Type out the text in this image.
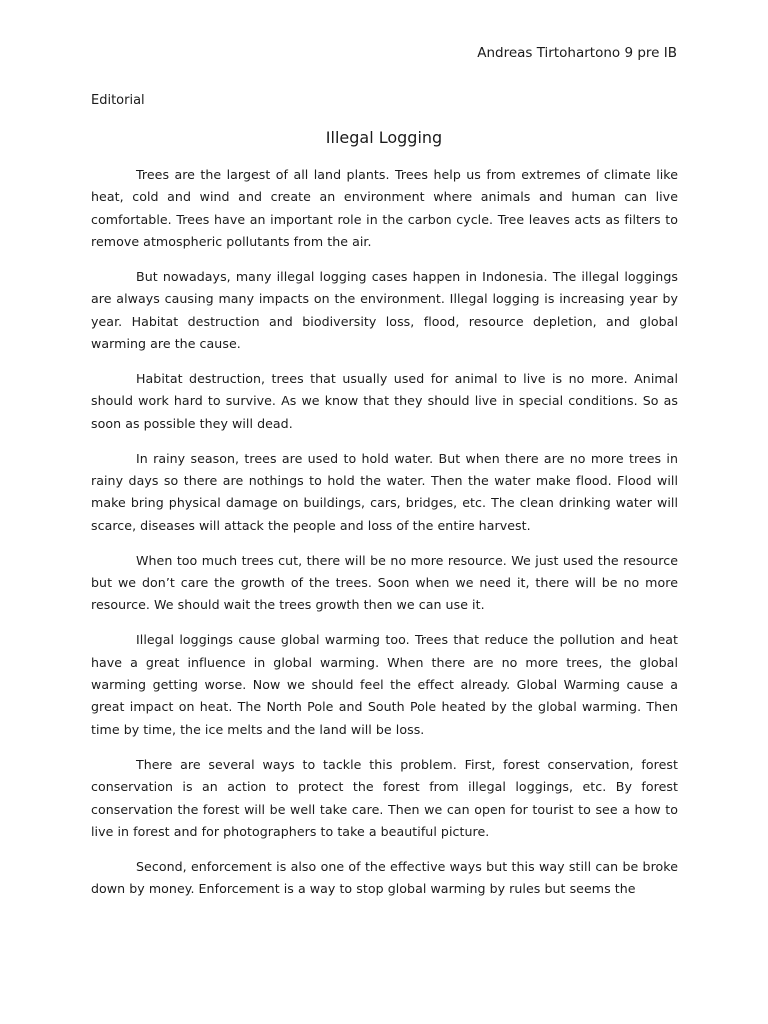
Andreas Tirtohartono 9 pre IB
Editorial
Illegal Logging

Trees are the largest of all land plants. Trees help us from extremes of climate like heat, cold and wind and create an environment where animals and human can live comfortable. Trees have an important role in the carbon cycle. Tree leaves acts as filters to remove atmospheric pollutants from the air.

But nowadays, many illegal logging cases happen in Indonesia. The illegal loggings are always causing many impacts on the environment. Illegal logging is increasing year by year. Habitat destruction and biodiversity loss, flood, resource depletion, and global warming are the cause.

Habitat destruction, trees that usually used for animal to live is no more. Animal should work hard to survive. As we know that they should live in special conditions. So as soon as possible they will dead.

In rainy season, trees are used to hold water. But when there are no more trees in rainy days so there are nothings to hold the water. Then the water make flood. Flood will make bring physical damage on buildings, cars, bridges, etc. The clean drinking water will scarce, diseases will attack the people and loss of the entire harvest.

When too much trees cut, there will be no more resource. We just used the resource but we don’t care the growth of the trees. Soon when we need it, there will be no more resource. We should wait the trees growth then we can use it.

Illegal loggings cause global warming too. Trees that reduce the pollution and heat have a great influence in global warming. When there are no more trees, the global warming getting worse. Now we should feel the effect already. Global Warming cause a great impact on heat. The North Pole and South Pole heated by the global warming. Then time by time, the ice melts and the land will be loss.

There are several ways to tackle this problem. First, forest conservation, forest conservation is an action to protect the forest from illegal loggings, etc. By forest conservation the forest will be well take care. Then we can open for tourist to see a how to live in forest and for photographers to take a beautiful picture.

Second, enforcement is also one of the effective ways but this way still can be broke down by money. Enforcement is a way to stop global warming by rules but seems the
